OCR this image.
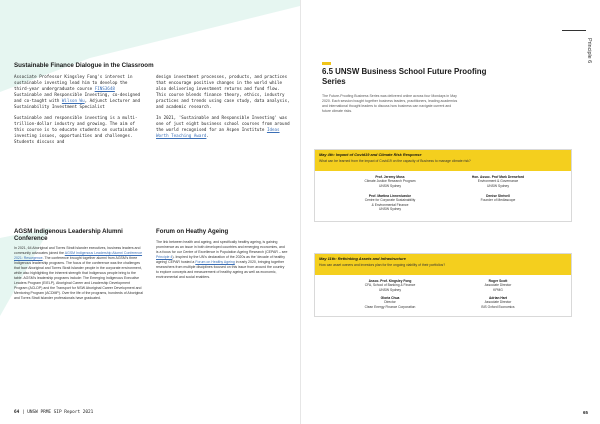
Sustainable Finance Dialogue in the Classroom

Associate Professor Kingsley Fong's interest in sustainable investing lead him to develop the third-year undergraduate course FINS3648 Sustainable and Responsible Investing, co-designed and co-taught with Wilson Wu, Adjunct Lecturer and Sustainability Investment Specialist

Sustainable and responsible investing is a multi-trillion-dollar industry and growing. The aim of this course is to educate students on sustainable investing issues, opportunities and challenges. Students discuss and

design investment processes, products, and practices that encourage positive changes in the world while also delivering investment returns and fund flow. This course blends finance theory, ethics, industry practices and trends using case study, data analysis, and academic research.

In 2021, 'Sustainable and Responsible Investing' was one of just eight business school courses from around the world recognised for an Aspen Institute Ideas Worth Teaching Award.

AGSM Indigenous Leadership Alumni Conference
In 2021, 64 Aboriginal and Torres Strait Islander executives, business leaders and community advocates joined the AGSM Indigenous Leadership Alumni Conference 2021: Resurgence. The conference brought together alumni from AGSM's three Indigenous leadership programs. The focus of the conference was the challenges that face Aboriginal and Torres Strait Islander people in the corporate environment, while also highlighting the inherent strength that Indigenous people bring to the table. AGSM's leadership programs include: The Emerging Indigenous Executive Leaders Program (EIELP), Aboriginal Career and Leadership Development Program (ACLDP) and the Transport for NSW Aboriginal Career Development and Mentoring Program (ACDMP). Over the life of the programs, hundreds of Aboriginal and Torres Strait Islander professionals have graduated.
Forum on Heathy Ageing
The link between health and ageing, and specifically healthy ageing, is gaining prominence as an issue in both developed countries and emerging economies, and is a focus for our Centre of Excellence in Population Ageing Research (CEPAR – see Principle 4). Inspired by the UN's declaration of the 2020s as the 'decade of healthy ageing' CEPAR hosted a Forum on Healthy Ageing in early 2020, bringing together researchers from multiple disciplines focused on this issue from around the country to explore concepts and measurement of healthy ageing as well as economic, environmental and social enablers.
64 | UNSW PRME SIP Report 2021
Principle 6
6.5 UNSW Business School Future Proofing Series
The Future-Proofing Business Series was delivered online across four Mondays in May 2020. Each session bought together business leaders, practitioners, leading academics and international thought leaders to discuss how business can navigate current and future climate risks.
May 4th: Impact of Covid19 and Climate Risk Response
What can be learned from the impact of Covid19 on the capacity of Business to manage climate risk?
Prof. Jeremy Moss
Climate Justice Research Program
UNSW Sydney
Hon. Assoc. Prof Mark Dreweford
Environment & Governance
UNSW Sydney
Prof. Martina Linnenluecke
Centre for Corporate Sustainability
& Environmental Finance
UNSW Sydney
Denise Shrivell
Founder of Mediascope
May 11th: Rethinking Assets and Infrastructure
How can asset owners and investors plan for the ongoing viability of their portfolios?
Assoc. Prof. Kingsley Fong
CFA, School of Banking & Finance
UNSW Sydney
Roger Scott
Associate Director
KPMG
Gloria Chua
Director
Clean Energy Finance Corporation
Adrian Hart
Associate Director
BIS Oxford Economics
65
